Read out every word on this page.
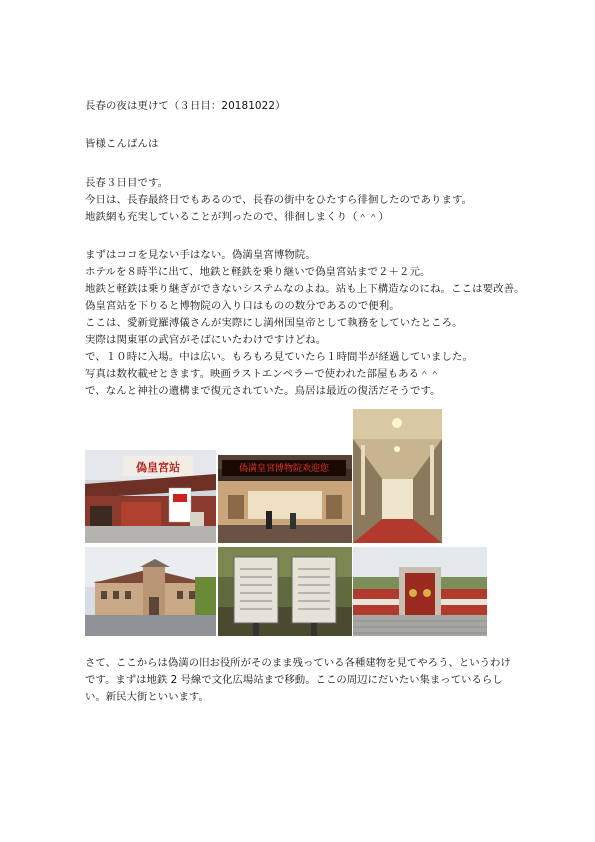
長春の夜は更けて（３日目：20181022）
皆様こんばんは
長春３日目です。
今日は、長春最終日でもあるので、長春の街中をひたすら徘徊したのであります。
地鉄網も充実していることが判ったので、徘徊しまくり（＾＾）
まずはココを見ない手はない。偽満皇宮博物院。
ホテルを８時半に出て、地鉄と軽鉄を乗り継いで偽皇宮站まで２＋２元。
地鉄と軽鉄は乗り継ぎができないシステムなのよね。站も上下構造なのにね。ここは要改善。
偽皇宮站を下りると博物院の入り口はものの数分であるので便利。
ここは、愛新覚羅溥儀さんが実際にし満州国皇帝として執務をしていたところ。
実際は関東軍の武官がそばにいたわけですけどね。
で、１０時に入場。中は広い。もろもろ見ていたら１時間半が経過していました。
写真は数枚載せときます。映画ラストエンペラーで使われた部屋もある＾＾
で、なんと神社の遺構まで復元されていた。鳥居は最近の復活だそうです。
偽皇宮站	偽満皇宮博物院欢迎您
さて、ここからは偽満の旧お役所がそのまま残っている各種建物を見てやろう、というわけです。まずは地鉄 2 号線で文化広場站まで移動。ここの周辺にだいたい集まっているらしい。新民大街といいます。
